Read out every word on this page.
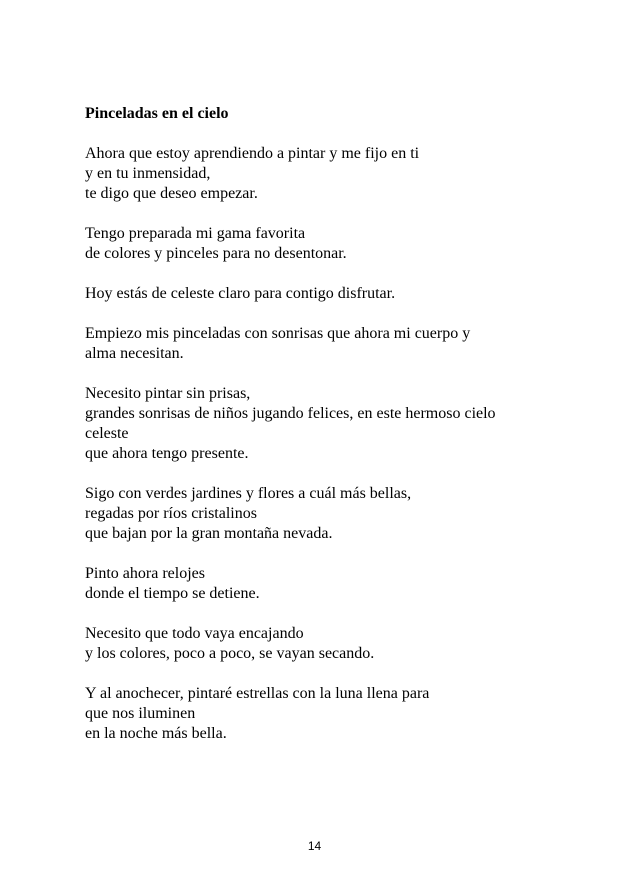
Pinceladas en el cielo
Ahora que estoy aprendiendo a pintar y me fijo en ti
y en tu inmensidad,
te digo que deseo empezar.
Tengo preparada mi gama favorita
de colores y pinceles para no desentonar.
Hoy estás de celeste claro para contigo disfrutar.
Empiezo mis pinceladas con sonrisas que ahora mi cuerpo y
alma necesitan.
Necesito pintar sin prisas,
grandes sonrisas de niños jugando felices, en este hermoso cielo
celeste
que ahora tengo presente.
Sigo con verdes jardines y flores a cuál más bellas,
regadas por ríos cristalinos
que bajan por la gran montaña nevada.
Pinto ahora relojes
donde el tiempo se detiene.
Necesito que todo vaya encajando
y los colores, poco a poco, se vayan secando.
Y al anochecer, pintaré estrellas con la luna llena para
que nos iluminen
en la noche más bella.
14
